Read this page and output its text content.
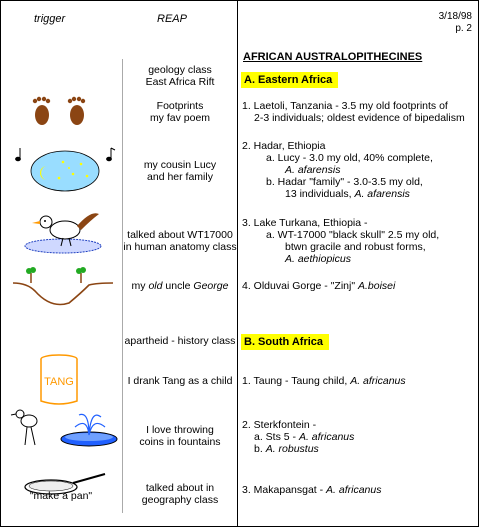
trigger	REAP	3/18/98
p. 2
AFRICAN AUSTRALOPITHECINES
A. Eastern Africa
B. South Africa
geology class
East Africa Rift
Footprints
my fav poem
my cousin Lucy
and her family
talked about WT17000
in human anatomy class
my old uncle George
apartheid - history class
I drank Tang as a child
I love throwing
coins in fountains
talked about in
geography class
1. Laetoli, Tanzania - 3.5 my old footprints of
2-3 individuals; oldest evidence of bipedalism
2. Hadar, Ethiopia
a. Lucy - 3.0 my old, 40% complete,
A. afarensis
b. Hadar "family" - 3.0-3.5 my old,
13 individuals, A. afarensis
3. Lake Turkana, Ethiopia -
a. WT-17000 "black skull" 2.5 my old,
btwn gracile and robust forms,
A. aethiopicus
4. Olduvai Gorge - "Zinj" A.boisei
1. Taung - Taung child, A. africanus
2. Sterkfontein -
a. Sts 5 - A. africanus
b. A. robustus
3. Makapansgat - A. africanus
TANG
"make a pan"
